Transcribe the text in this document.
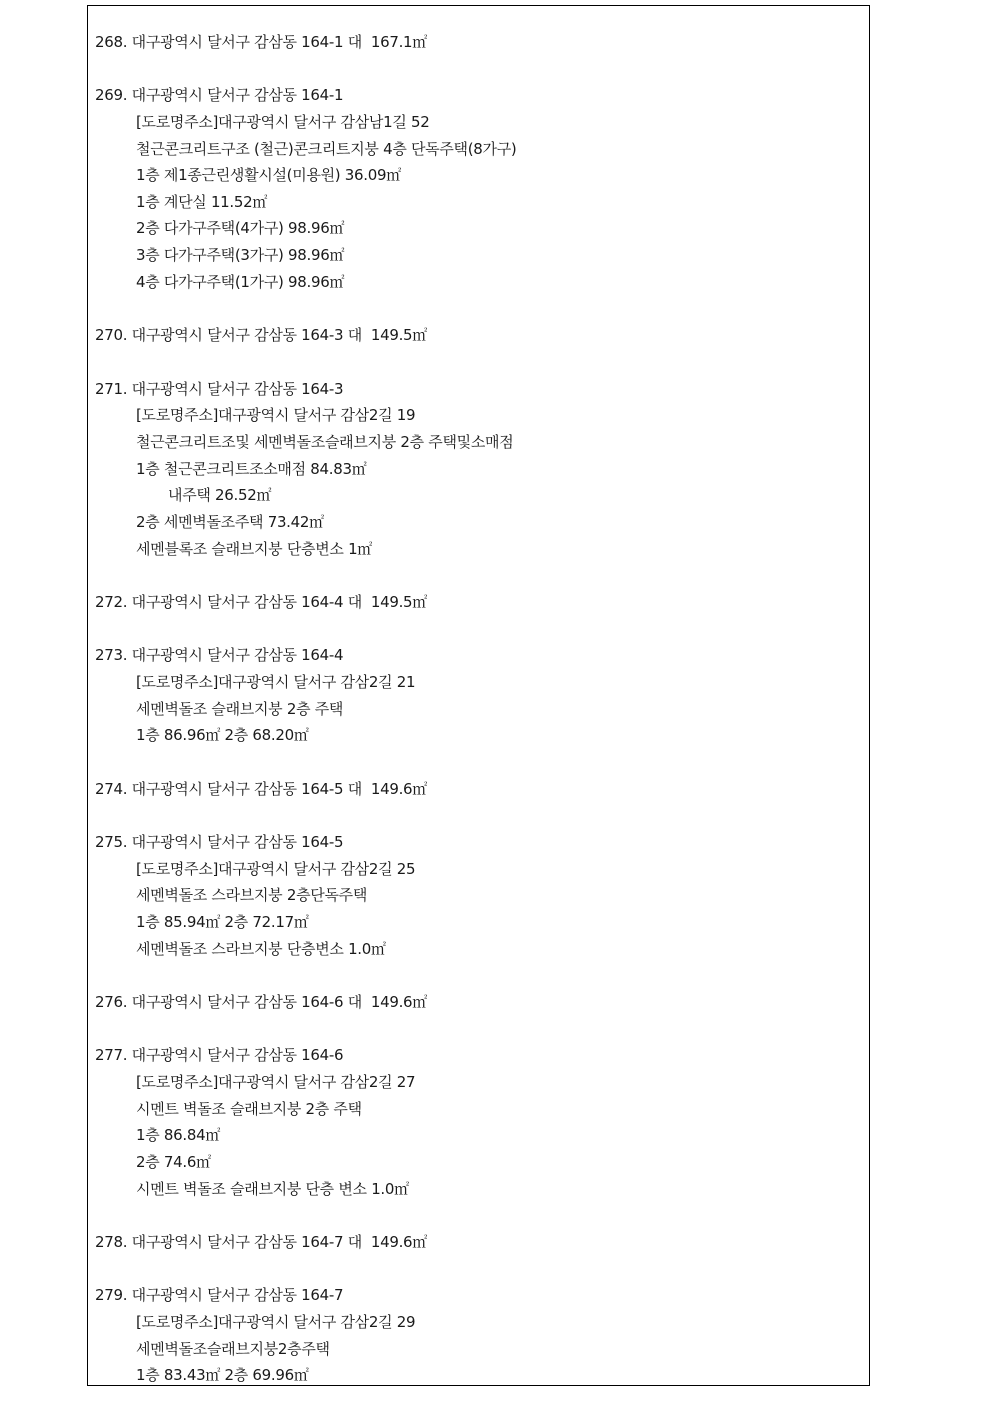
268. 대구광역시 달서구 감삼동 164-1 대  167.1㎡
269. 대구광역시 달서구 감삼동 164-1
[도로명주소]대구광역시 달서구 감삼남1길 52
철근콘크리트구조 (철근)콘크리트지붕 4층 단독주택(8가구)
1층 제1종근린생활시설(미용원) 36.09㎡
1층 계단실 11.52㎡
2층 다가구주택(4가구) 98.96㎡
3층 다가구주택(3가구) 98.96㎡
4층 다가구주택(1가구) 98.96㎡
270. 대구광역시 달서구 감삼동 164-3 대  149.5㎡
271. 대구광역시 달서구 감삼동 164-3
[도로명주소]대구광역시 달서구 감삼2길 19
철근콘크리트조및 세멘벽돌조슬래브지붕 2층 주택및소매점
1층 철근콘크리트조소매점 84.83㎡
내주택 26.52㎡
2층 세멘벽돌조주택 73.42㎡
세멘블록조 슬래브지붕 단층변소 1㎡
272. 대구광역시 달서구 감삼동 164-4 대  149.5㎡
273. 대구광역시 달서구 감삼동 164-4
[도로명주소]대구광역시 달서구 감삼2길 21
세멘벽돌조 슬래브지붕 2층 주택
1층 86.96㎡ 2층 68.20㎡
274. 대구광역시 달서구 감삼동 164-5 대  149.6㎡
275. 대구광역시 달서구 감삼동 164-5
[도로명주소]대구광역시 달서구 감삼2길 25
세멘벽돌조 스라브지붕 2층단독주택
1층 85.94㎡ 2층 72.17㎡
세멘벽돌조 스라브지붕 단층변소 1.0㎡
276. 대구광역시 달서구 감삼동 164-6 대  149.6㎡
277. 대구광역시 달서구 감삼동 164-6
[도로명주소]대구광역시 달서구 감삼2길 27
시멘트 벽돌조 슬래브지붕 2층 주택
1층 86.84㎡
2층 74.6㎡
시멘트 벽돌조 슬래브지붕 단층 변소 1.0㎡
278. 대구광역시 달서구 감삼동 164-7 대  149.6㎡
279. 대구광역시 달서구 감삼동 164-7
[도로명주소]대구광역시 달서구 감삼2길 29
세멘벽돌조슬래브지붕2층주택
1층 83.43㎡ 2층 69.96㎡
